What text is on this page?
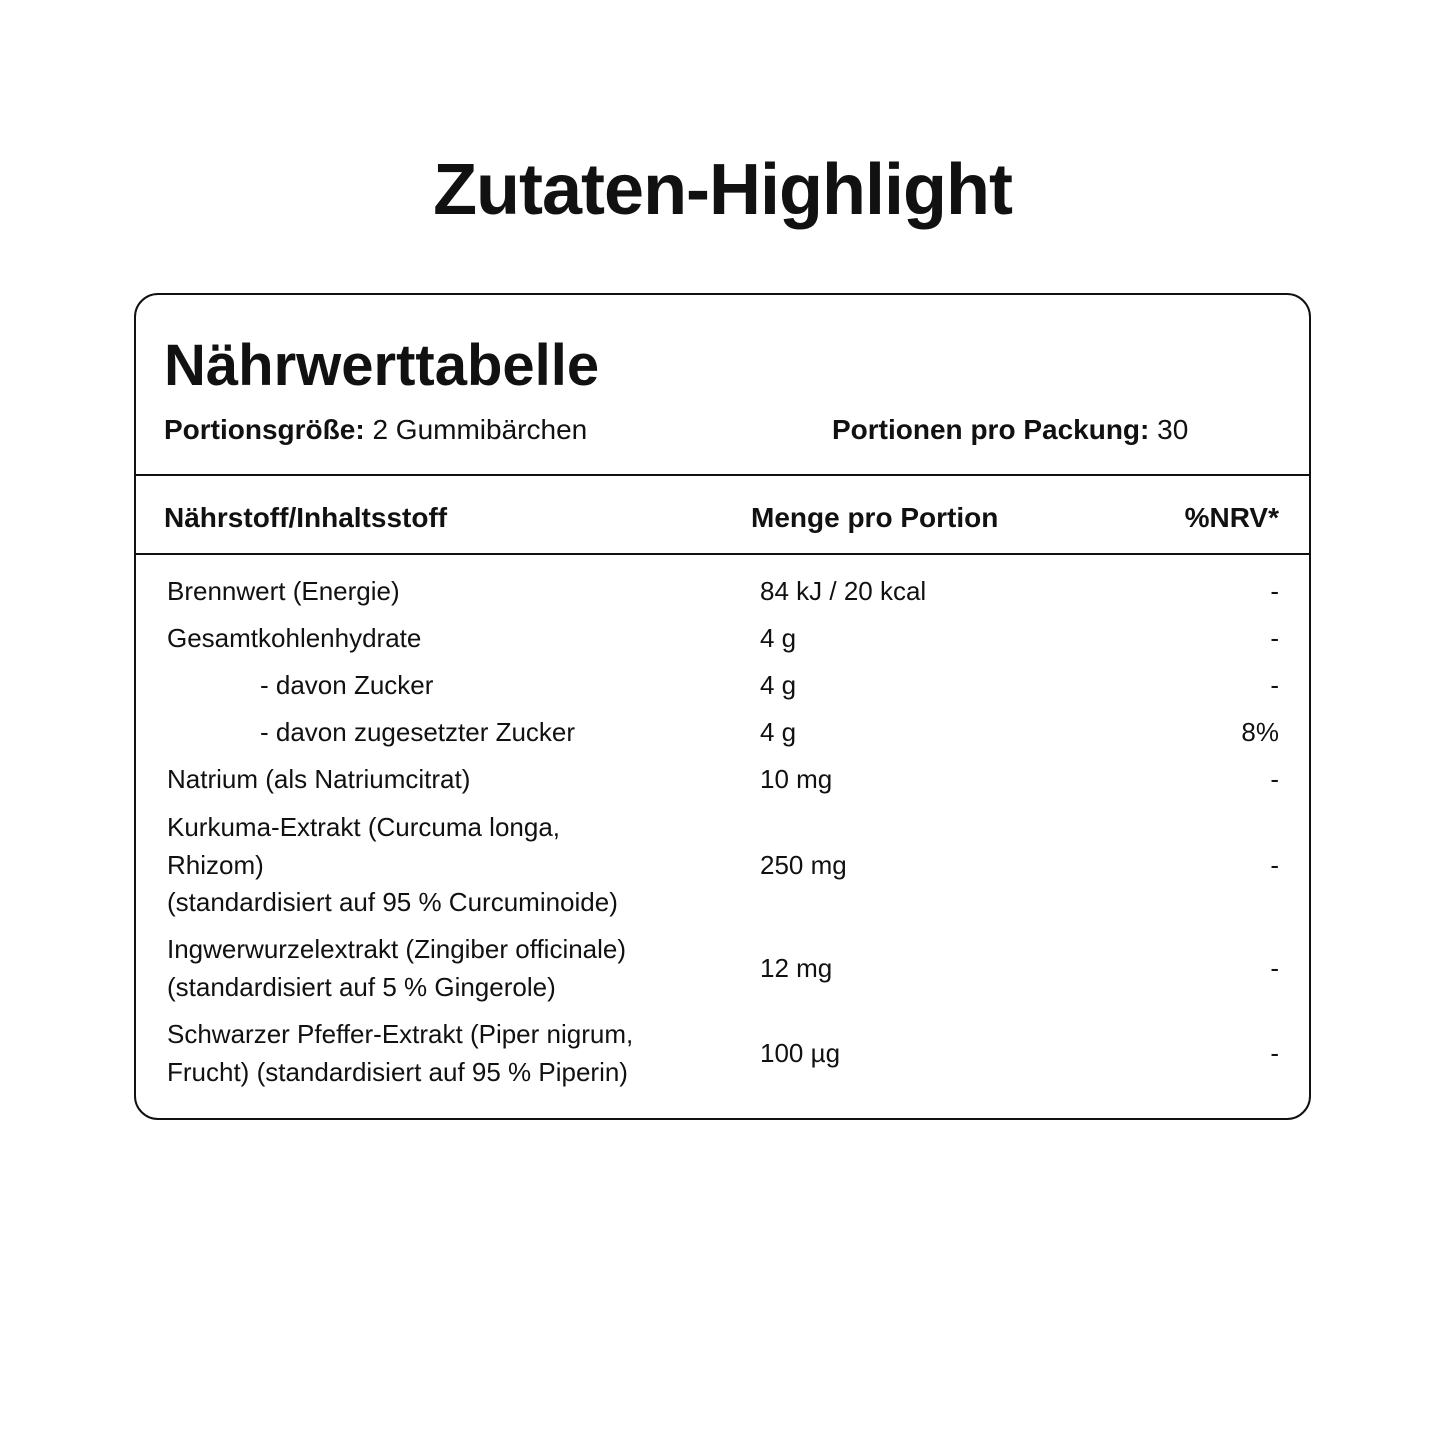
Zutaten-Highlight
Nährwerttabelle
Portionsgröße: 2 Gummibärchen	Portionen pro Packung: 30
Nährstoff/Inhaltsstoff	Menge pro Portion	%NRV*
Brennwert (Energie)	84 kJ / 20 kcal	-
Gesamtkohlenhydrate	4 g	-
- davon Zucker	4 g	-
- davon zugesetzter Zucker	4 g	8%
Natrium (als Natriumcitrat)	10 mg	-
Kurkuma-Extrakt (Curcuma longa,
Rhizom)
(standardisiert auf 95 % Curcuminoide)
250 mg	-
Ingwerwurzelextrakt (Zingiber officinale)
(standardisiert auf 5 % Gingerole)
12 mg	-
Schwarzer Pfeffer-Extrakt (Piper nigrum,
Frucht) (standardisiert auf 95 % Piperin)
100 µg	-
